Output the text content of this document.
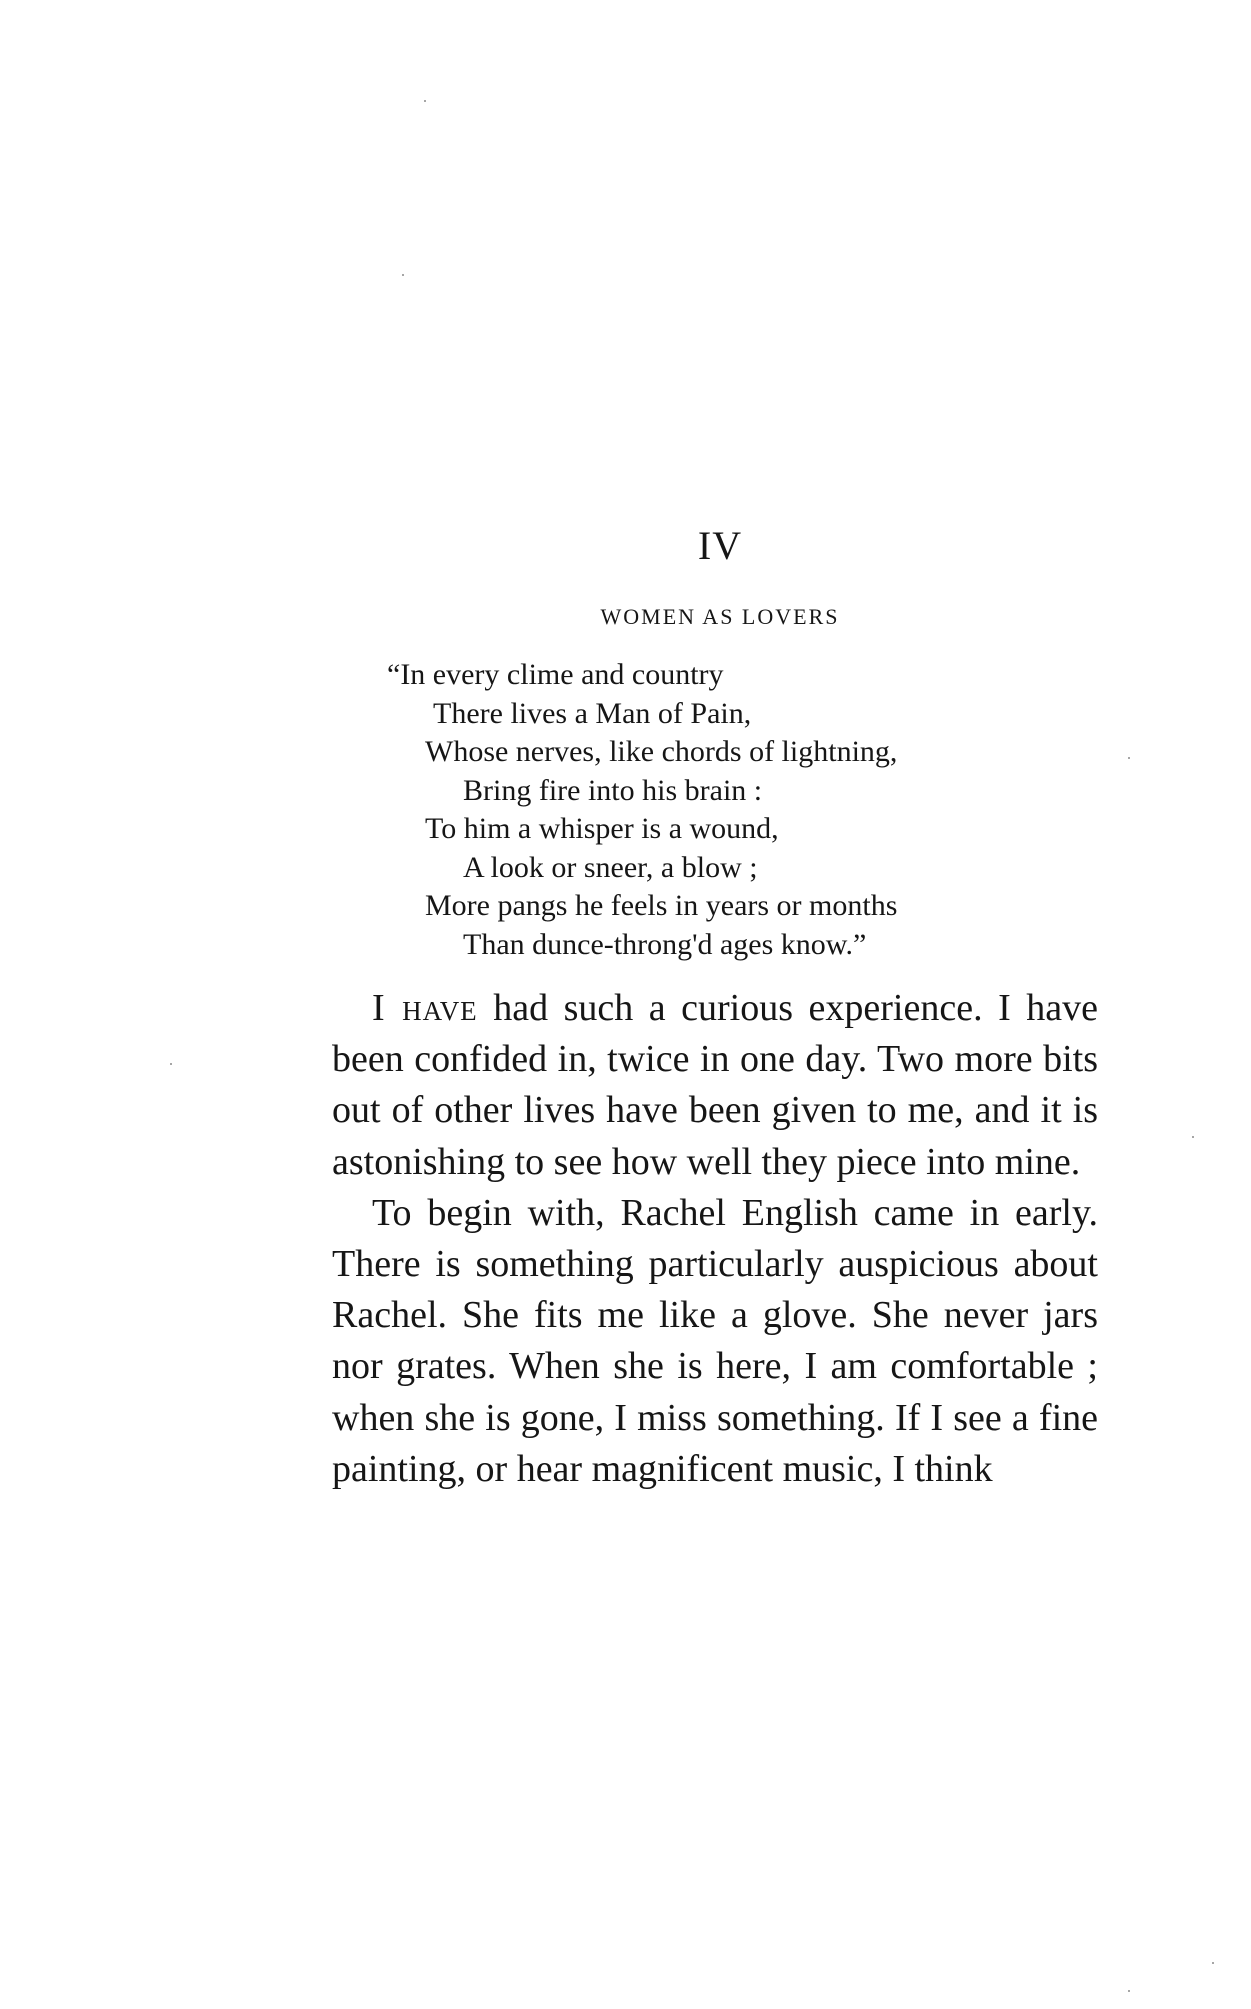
IV
WOMEN AS LOVERS
“In every clime and country
There lives a Man of Pain,
Whose nerves, like chords of lightning,
Bring fire into his brain :
To him a whisper is a wound,
A look or sneer, a blow ;
More pangs he feels in years or months
Than dunce-throng'd ages know.”

I have had such a curious experience. I have been confided in, twice in one day. Two more bits out of other lives have been given to me, and it is astonishing to see how well they piece into mine.

To begin with, Rachel English came in early. There is something particularly auspicious about Rachel. She fits me like a glove. She never jars nor grates. When she is here, I am comfortable ; when she is gone, I miss something. If I see a fine painting, or hear magnificent music, I think
